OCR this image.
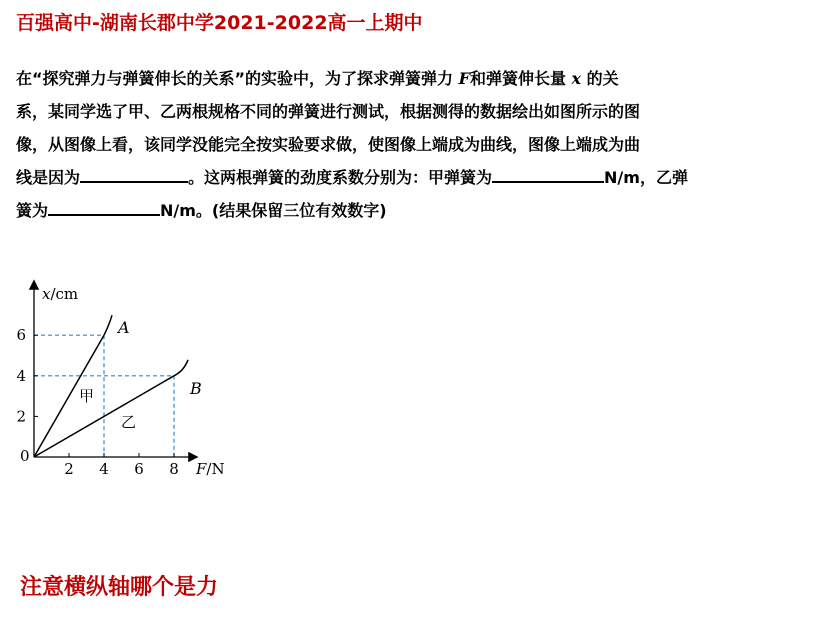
百强高中-湖南长郡中学2021-2022高一上期中
在“探究弹力与弹簧伸长的关系”的实验中，为了探求弹簧弹力 F和弹簧伸长量 x 的关
系，某同学选了甲、乙两根规格不同的弹簧进行测试，根据测得的数据绘出如图所示的图
像，从图像上看，该同学没能完全按实验要求做，使图像上端成为曲线，图像上端成为曲
线是因为	。这两根弹簧的劲度系数分别为：甲弹簧为	N/m，乙弹
簧为	N/m。(结果保留三位有效数字)
2 4 6 8
2
4
6	A
甲	B
乙
0
x/cm
F/N
注意横纵轴哪个是力
